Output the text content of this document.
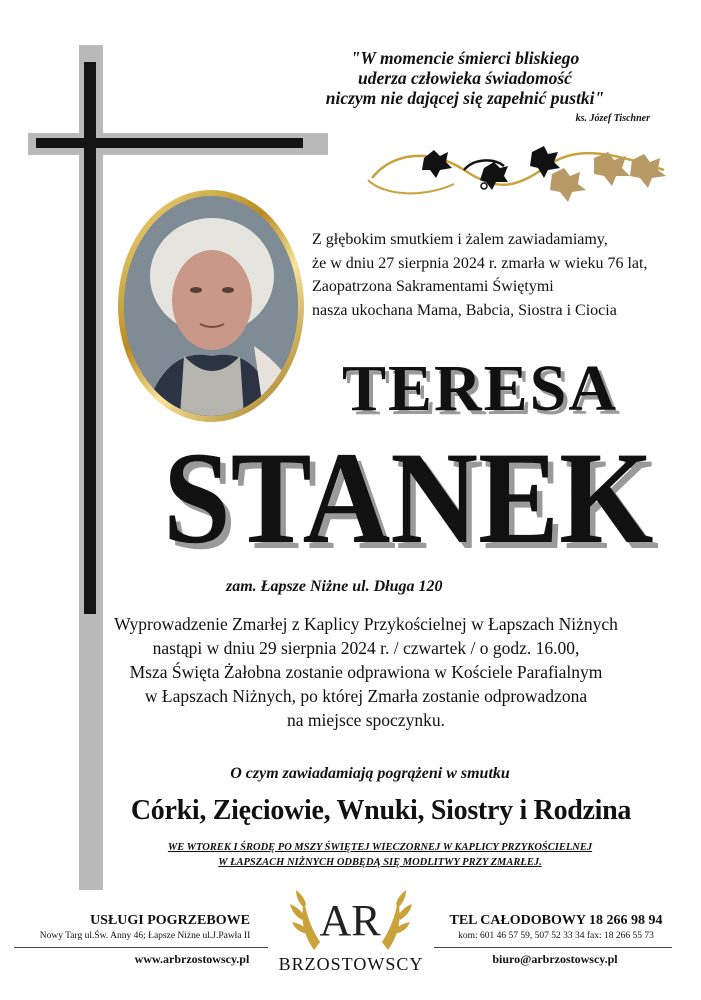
"W momencie śmierci bliskiego
uderza człowieka świadomość
niczym nie dającej się zapełnić pustki"
ks. Józef Tischner
Z głębokim smutkiem i żalem zawiadamiamy,
że w dniu 27 sierpnia 2024 r. zmarła w wieku 76 lat,
Zaopatrzona Sakramentami Świętymi
nasza ukochana Mama, Babcia, Siostra i Ciocia
TERESA
STANEK
zam. Łapsze Niżne ul. Długa 120
Wyprowadzenie Zmarłej z Kaplicy Przykościelnej w Łapszach Niżnych
nastąpi w dniu 29 sierpnia 2024 r. / czwartek / o godz. 16.00,
Msza Święta Żałobna zostanie odprawiona w Kościele Parafialnym
w Łapszach Niżnych, po której Zmarła zostanie odprowadzona
na miejsce spoczynku.
O czym zawiadamiają pogrążeni w smutku
Córki, Zięciowie, Wnuki, Siostry i Rodzina
WE WTOREK I ŚRODĘ PO MSZY ŚWIĘTEJ WIECZORNEJ W KAPLICY PRZYKOŚCIELNEJ
W ŁAPSZACH NIŻNYCH ODBĘDĄ SIĘ MODLITWY PRZY ZMARŁEJ.
USŁUGI POGRZEBOWE
Nowy Targ ul.Św. Anny 46; Łapsze Niżne ul.J.Pawła II
www.arbrzostowscy.pl
AR
BRZOSTOWSCY
TEL CAŁODOBOWY 18 266 98 94
kom: 601 46 57 59, 507 52 33 34 fax: 18 266 55 73
biuro@arbrzostowscy.pl
